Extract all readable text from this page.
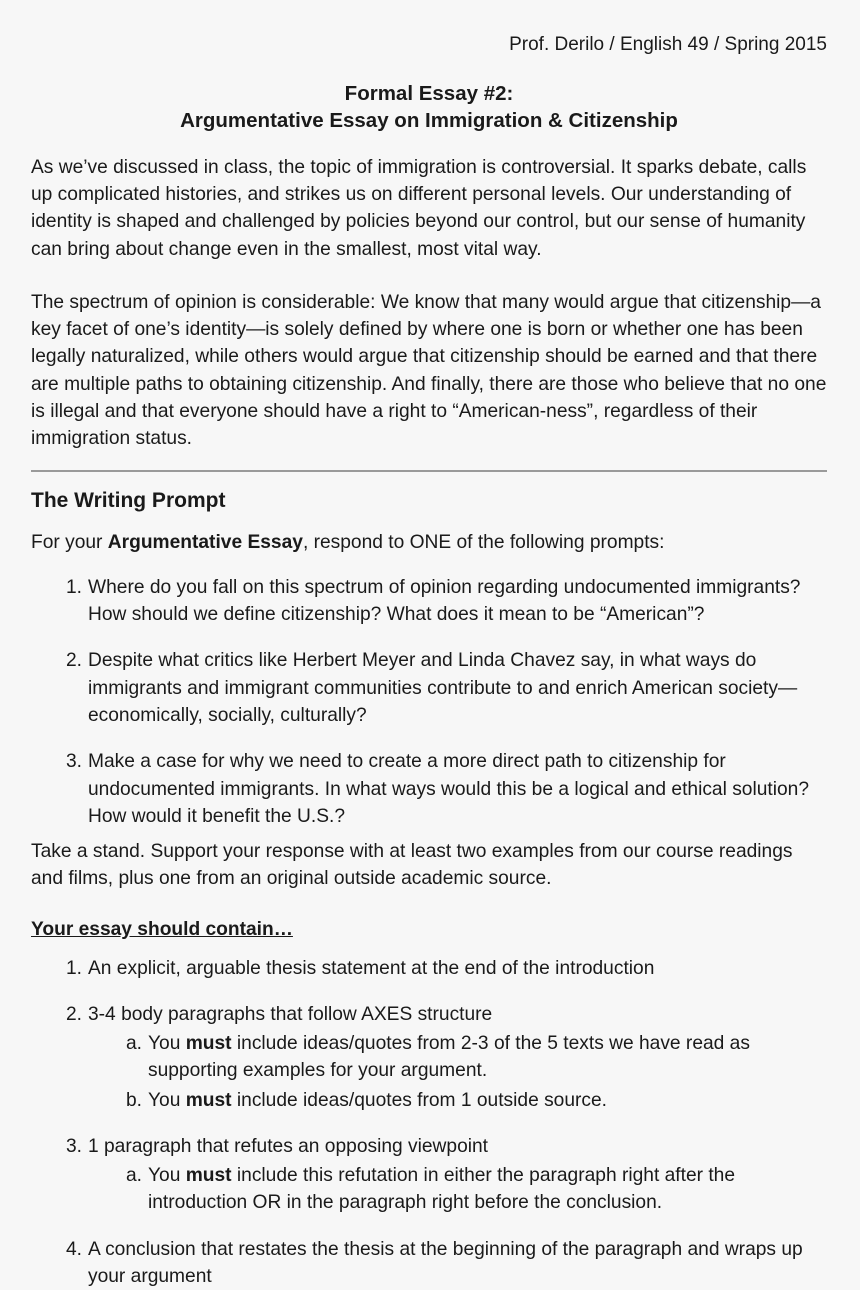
Prof. Derilo / English 49 / Spring 2015
Formal Essay #2:
Argumentative Essay on Immigration & Citizenship

As we’ve discussed in class, the topic of immigration is controversial. It sparks debate, calls up complicated histories, and strikes us on different personal levels. Our understanding of identity is shaped and challenged by policies beyond our control, but our sense of humanity can bring about change even in the smallest, most vital way.

The spectrum of opinion is considerable: We know that many would argue that citizenship—a key facet of one’s identity—is solely defined by where one is born or whether one has been legally naturalized, while others would argue that citizenship should be earned and that there are multiple paths to obtaining citizenship. And finally, there are those who believe that no one is illegal and that everyone should have a right to “American-ness”, regardless of their immigration status.

The Writing Prompt

For your Argumentative Essay, respond to ONE of the following prompts:

1. Where do you fall on this spectrum of opinion regarding undocumented immigrants? How should we define citizenship? What does it mean to be “American”?
2. Despite what critics like Herbert Meyer and Linda Chavez say, in what ways do immigrants and immigrant communities contribute to and enrich American society—economically, socially, culturally?
3. Make a case for why we need to create a more direct path to citizenship for undocumented immigrants. In what ways would this be a logical and ethical solution? How would it benefit the U.S.?

Take a stand. Support your response with at least two examples from our course readings and films, plus one from an original outside academic source.

Your essay should contain…
1. An explicit, arguable thesis statement at the end of the introduction
2. 3-4 body paragraphs that follow AXES structure
a. You must include ideas/quotes from 2-3 of the 5 texts we have read as supporting examples for your argument.
b. You must include ideas/quotes from 1 outside source.
3. 1 paragraph that refutes an opposing viewpoint
a. You must include this refutation in either the paragraph right after the introduction OR in the paragraph right before the conclusion.
4. A conclusion that restates the thesis at the beginning of the paragraph and wraps up your argument
